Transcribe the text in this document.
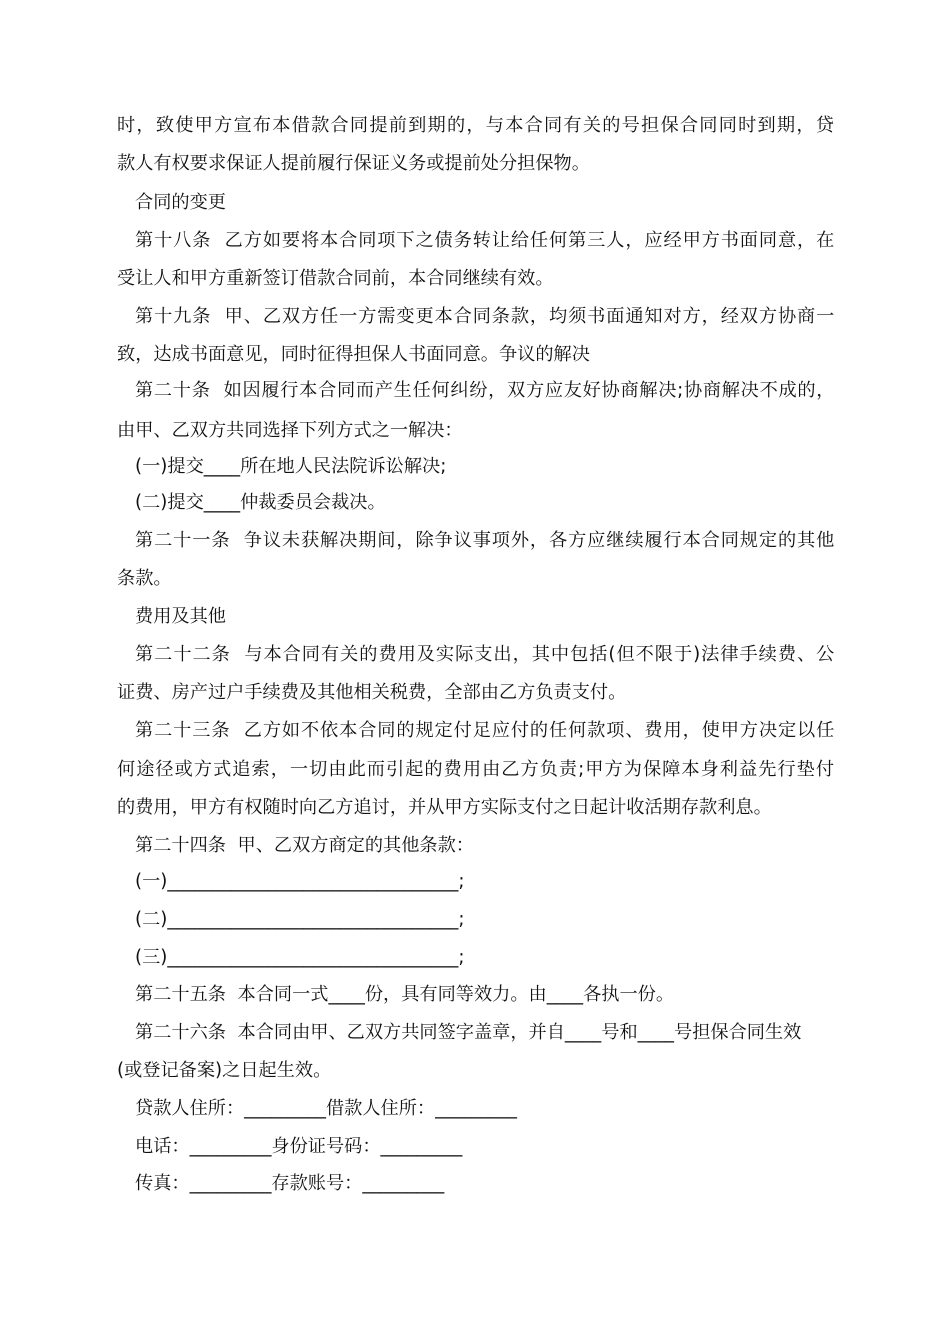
时，致使甲方宣布本借款合同提前到期的，与本合同有关的号担保合同同时到期，贷
款人有权要求保证人提前履行保证义务或提前处分担保物。
合同的变更
第十八条  乙方如要将本合同项下之债务转让给任何第三人，应经甲方书面同意，在
受让人和甲方重新签订借款合同前，本合同继续有效。
第十九条  甲、乙双方任一方需变更本合同条款，均须书面通知对方，经双方协商一
致，达成书面意见，同时征得担保人书面同意。争议的解决
第二十条  如因履行本合同而产生任何纠纷，双方应友好协商解决;协商解决不成的，
由甲、乙双方共同选择下列方式之一解决：
(一)提交____所在地人民法院诉讼解决;
(二)提交____仲裁委员会裁决。
第二十一条  争议未获解决期间，除争议事项外，各方应继续履行本合同规定的其他
条款。
费用及其他
第二十二条  与本合同有关的费用及实际支出，其中包括(但不限于)法律手续费、公
证费、房产过户手续费及其他相关税费，全部由乙方负责支付。
第二十三条  乙方如不依本合同的规定付足应付的任何款项、费用，使甲方决定以任
何途径或方式追索，一切由此而引起的费用由乙方负责;甲方为保障本身利益先行垫付
的费用，甲方有权随时向乙方追讨，并从甲方实际支付之日起计收活期存款利息。
第二十四条  甲、乙双方商定的其他条款：
(一)________________________________;
(二)________________________________;
(三)________________________________;
第二十五条  本合同一式____份，具有同等效力。由____各执一份。
第二十六条  本合同由甲、乙双方共同签字盖章，并自____号和____号担保合同生效
(或登记备案)之日起生效。
贷款人住所：_________借款人住所：_________
电话：_________身份证号码：_________
传真：_________存款账号：_________
